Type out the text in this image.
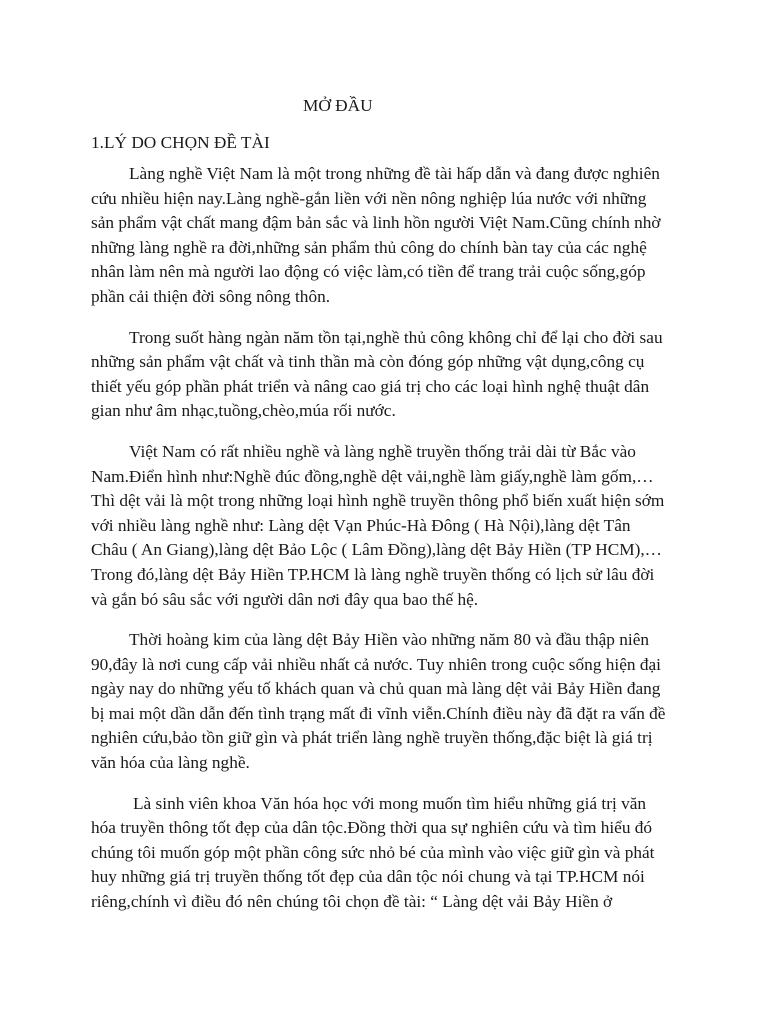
MỞ ĐẦU
1.LÝ DO CHỌN ĐỀ TÀI

Làng nghề Việt Nam là một trong những đề tài hấp dẫn và đang được nghiên
cứu nhiều hiện nay.Làng nghề-gắn liền với nền nông nghiệp lúa nước với những
sản phẩm vật chất mang đậm bản sắc và linh hồn người Việt Nam.Cũng chính nhờ
những làng nghề ra đời,những sản phẩm thủ công do chính bàn tay của các nghệ
nhân làm nên mà người lao động có việc làm,có tiền để trang trải cuộc sống,góp
phần cải thiện đời sông nông thôn.

Trong suốt hàng ngàn năm tồn tại,nghề thủ công không chỉ để lại cho đời sau
những sản phẩm vật chất và tinh thần mà còn đóng góp những vật dụng,công cụ
thiết yếu góp phần phát triển và nâng cao giá trị cho các loại hình nghệ thuật dân
gian như âm nhạc,tuồng,chèo,múa rối nước.

Việt Nam có rất nhiều nghề và làng nghề truyền thống trải dài từ Bắc vào
Nam.Điển hình như:Nghề đúc đồng,nghề dệt vải,nghề làm giấy,nghề làm gốm,…
Thì dệt vải là một trong những loại hình nghề truyền thông phổ biến xuất hiện sớm
với nhiều làng nghề như: Làng dệt Vạn Phúc-Hà Đông ( Hà Nội),làng dệt Tân
Châu ( An Giang),làng dệt Bảo Lộc ( Lâm Đồng),làng dệt Bảy Hiền (TP HCM),…
Trong đó,làng dệt Bảy Hiền TP.HCM là làng nghề truyền thống có lịch sử lâu đời
và gắn bó sâu sắc với người dân nơi đây qua bao thế hệ.

Thời hoàng kim của làng dệt Bảy Hiền vào những năm 80 và đầu thập niên
90,đây là nơi cung cấp vải nhiều nhất cả nước. Tuy nhiên trong cuộc sống hiện đại
ngày nay do những yếu tố khách quan và chủ quan mà làng dệt vải Bảy Hiền đang
bị mai một dần dẫn đến tình trạng mất đi vĩnh viễn.Chính điều này đã đặt ra vấn đề
nghiên cứu,bảo tồn giữ gìn và phát triển làng nghề truyền thống,đặc biệt là giá trị
văn hóa của làng nghề.

Là sinh viên khoa Văn hóa học với mong muốn tìm hiểu những giá trị văn
hóa truyền thông tốt đẹp của dân tộc.Đồng thời qua sự nghiên cứu và tìm hiểu đó
chúng tôi muốn góp một phần công sức nhỏ bé của mình vào việc giữ gìn và phát
huy những giá trị truyền thống tốt đẹp của dân tộc nói chung và tại TP.HCM nói
riêng,chính vì điều đó nên chúng tôi chọn đề tài: “ Làng dệt vải Bảy Hiền ở
